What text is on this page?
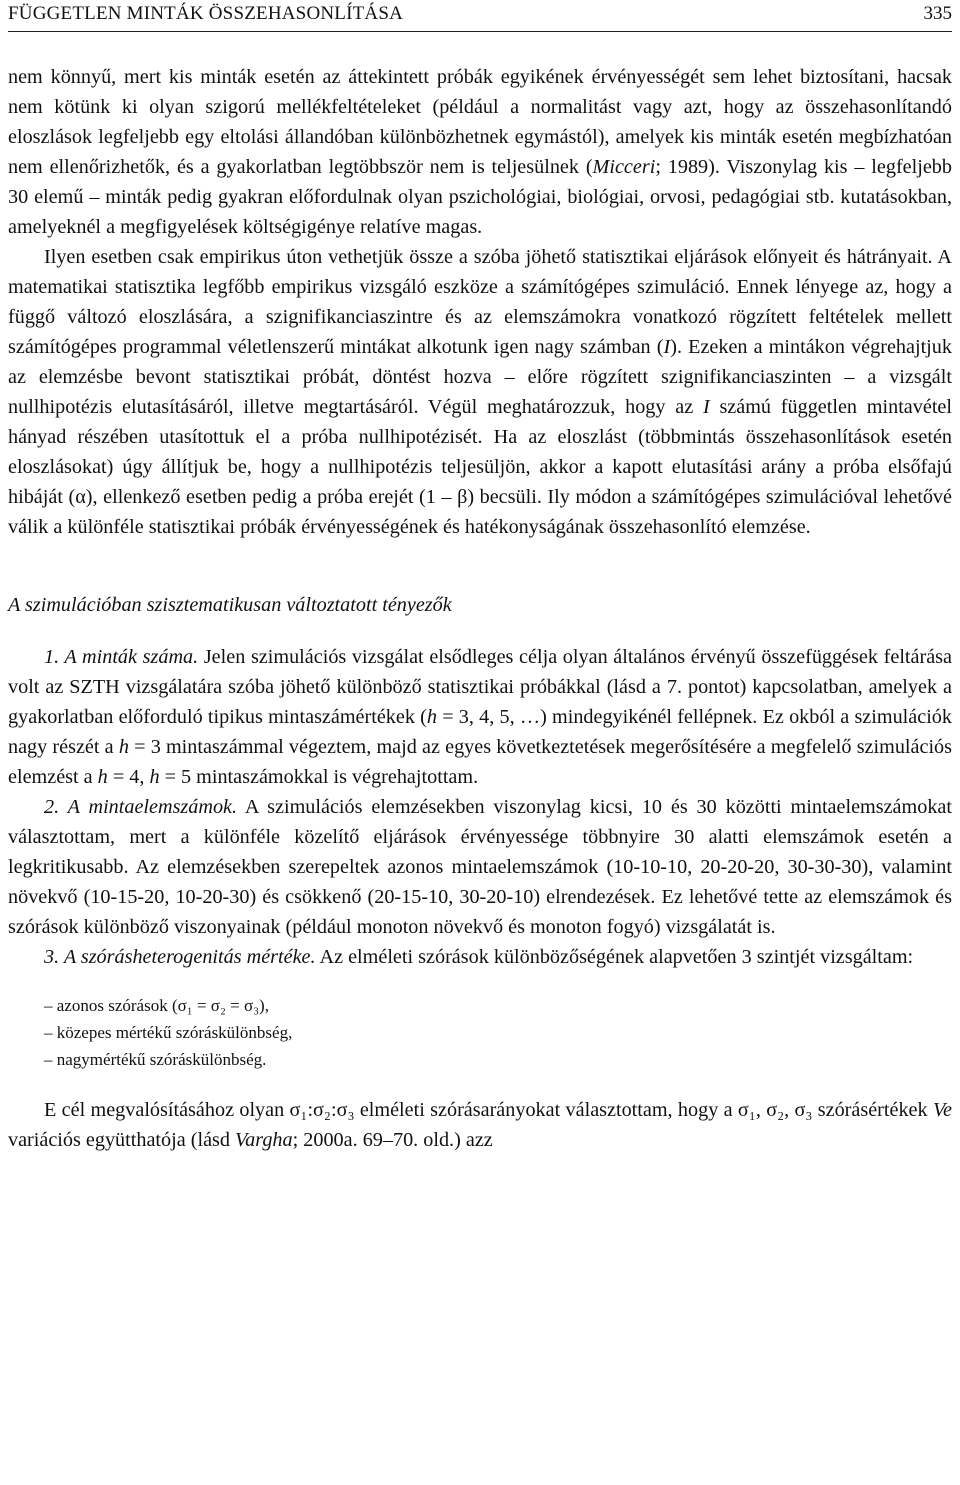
FÜGGETLEN MINTÁK ÖSSZEHASONLÍTÁSA	335

nem könnyű, mert kis minták esetén az áttekintett próbák egyikének érvényességét sem lehet biztosítani, hacsak nem kötünk ki olyan szigorú mellékfeltételeket (például a normalitást vagy azt, hogy az összehasonlítandó eloszlások legfeljebb egy eltolási állandóban különbözhetnek egymástól), amelyek kis minták esetén megbízhatóan nem ellenőrizhetők, és a gyakorlatban legtöbbször nem is teljesülnek (Micceri; 1989). Viszonylag kis – legfeljebb 30 elemű – minták pedig gyakran előfordulnak olyan pszichológiai, biológiai, orvosi, pedagógiai stb. kutatásokban, amelyeknél a megfigyelések költségigénye relatíve magas.

Ilyen esetben csak empirikus úton vethetjük össze a szóba jöhető statisztikai eljárások előnyeit és hátrányait. A matematikai statisztika legfőbb empirikus vizsgáló eszköze a számítógépes szimuláció. Ennek lényege az, hogy a függő változó eloszlására, a szignifikanciaszintre és az elemszámokra vonatkozó rögzített feltételek mellett számítógépes programmal véletlenszerű mintákat alkotunk igen nagy számban (I). Ezeken a mintákon végrehajtjuk az elemzésbe bevont statisztikai próbát, döntést hozva – előre rögzített szignifikanciaszinten – a vizsgált nullhipotézis elutasításáról, illetve megtartásáról. Végül meghatározzuk, hogy az I számú független mintavétel hányad részében utasítottuk el a próba nullhipotézisét. Ha az eloszlást (többmintás összehasonlítások esetén eloszlásokat) úgy állítjuk be, hogy a nullhipotézis teljesüljön, akkor a kapott elutasítási arány a próba elsőfajú hibáját (α), ellenkező esetben pedig a próba erejét (1 – β) becsüli. Ily módon a számítógépes szimulációval lehetővé válik a különféle statisztikai próbák érvényességének és hatékonyságának összehasonlító elemzése.

A szimulációban szisztematikusan változtatott tényezők

1. A minták száma. Jelen szimulációs vizsgálat elsődleges célja olyan általános érvényű összefüggések feltárása volt az SZTH vizsgálatára szóba jöhető különböző statisztikai próbákkal (lásd a 7. pontot) kapcsolatban, amelyek a gyakorlatban előforduló tipikus mintaszámértékek (h = 3, 4, 5, …) mindegyikénél fellépnek. Ez okból a szimulációk nagy részét a h = 3 mintaszámmal végeztem, majd az egyes következtetések megerősítésére a megfelelő szimulációs elemzést a h = 4, h = 5 mintaszámokkal is végrehajtottam.

2. A mintaelemszámok. A szimulációs elemzésekben viszonylag kicsi, 10 és 30 közötti mintaelemszámokat választottam, mert a különféle közelítő eljárások érvényessége többnyire 30 alatti elemszámok esetén a legkritikusabb. Az elemzésekben szerepeltek azonos mintaelemszámok (10-10-10, 20-20-20, 30-30-30), valamint növekvő (10-15-20, 10-20-30) és csökkenő (20-15-10, 30-20-10) elrendezések. Ez lehetővé tette az elemszámok és szórások különböző viszonyainak (például monoton növekvő és monoton fogyó) vizsgálatát is.

3. A szórásheterogenitás mértéke. Az elméleti szórások különbözőségének alapvetően 3 szintjét vizsgáltam:

– azonos szórások (σ₁ = σ₂ = σ₃),

– közepes mértékű szóráskülönbség,

– nagymértékű szóráskülönbség.

E cél megvalósításához olyan σ₁:σ₂:σ₃ elméleti szórásarányokat választottam, hogy a σ₁, σ₂, σ₃ szórásértékek Ve variációs együtthatója (lásd Vargha; 2000a. 69–70. old.) azz
